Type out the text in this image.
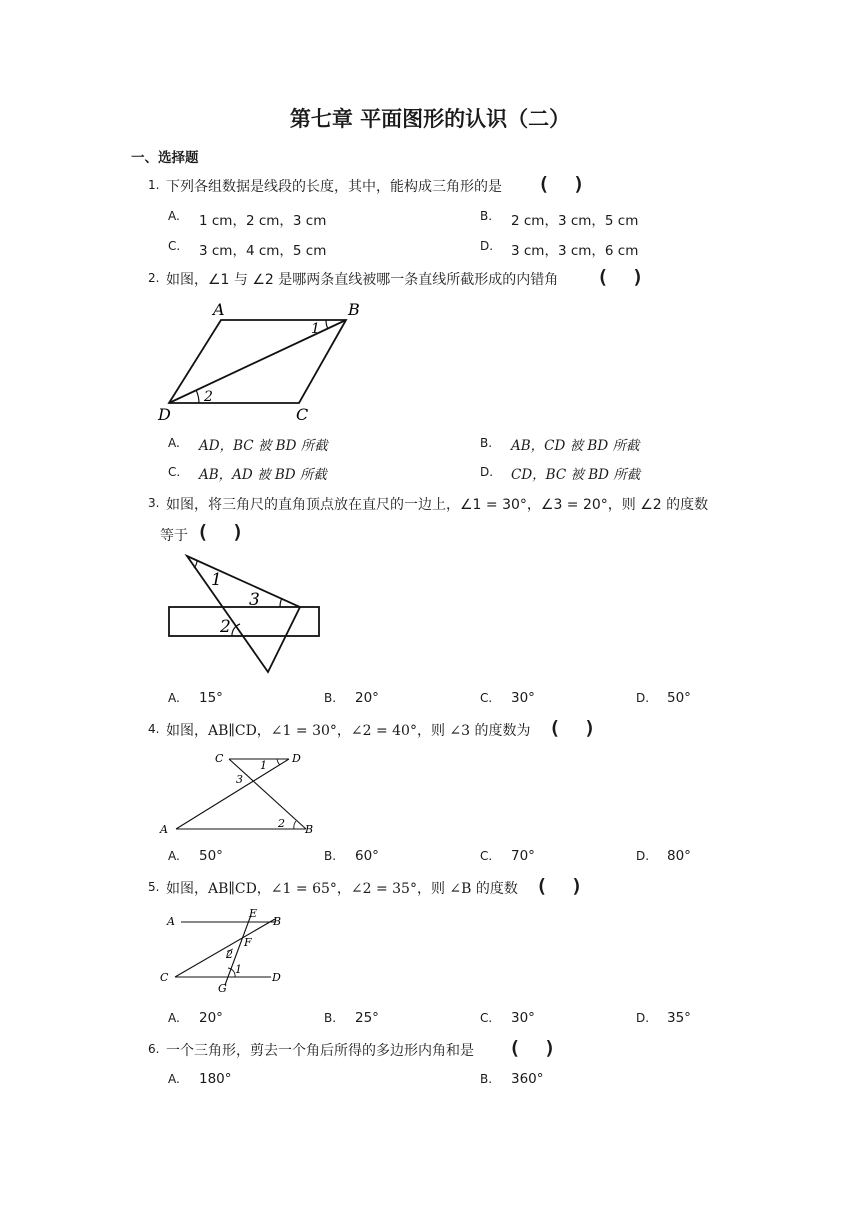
第七章 平面图形的认识（二）
一、选择题
1. 下列各组数据是线段的长度，其中，能构成三角形的是 ( )
A. 1 cm，2 cm，3 cm	B. 2 cm，3 cm，5 cm
C. 3 cm，4 cm，5 cm	D. 3 cm，3 cm，6 cm
2. 如图，∠1 与 ∠2 是哪两条直线被哪一条直线所截形成的内错角 ( )
A	B
C
D
1
2
A. AD，BC 被 BD 所截	B. AB，CD 被 BD 所截
C. AB，AD 被 BD 所截	D. CD，BC 被 BD 所截
3. 如图，将三角尺的直角顶点放在直尺的一边上，∠1 = 30°，∠3 = 20°，则 ∠2 的度数
等于 ( )
1
3
2
A. 15°	B. 20°	C. 30°	D. 50°
4. 如图，AB∥CD，∠1 = 30°，∠2 = 40°，则 ∠3 的度数为 ( )
C	D
A	B
1
2
3
A. 50°	B. 60°	C. 70°	D. 80°
5. 如图，AB∥CD，∠1 = 65°，∠2 = 35°，则 ∠B 的度数 ( )
A
E
B
F
2
1
C	D
G
A. 20°	B. 25°	C. 30°	D. 35°
6. 一个三角形，剪去一个角后所得的多边形内角和是 ( )
A. 180°	B. 360°
